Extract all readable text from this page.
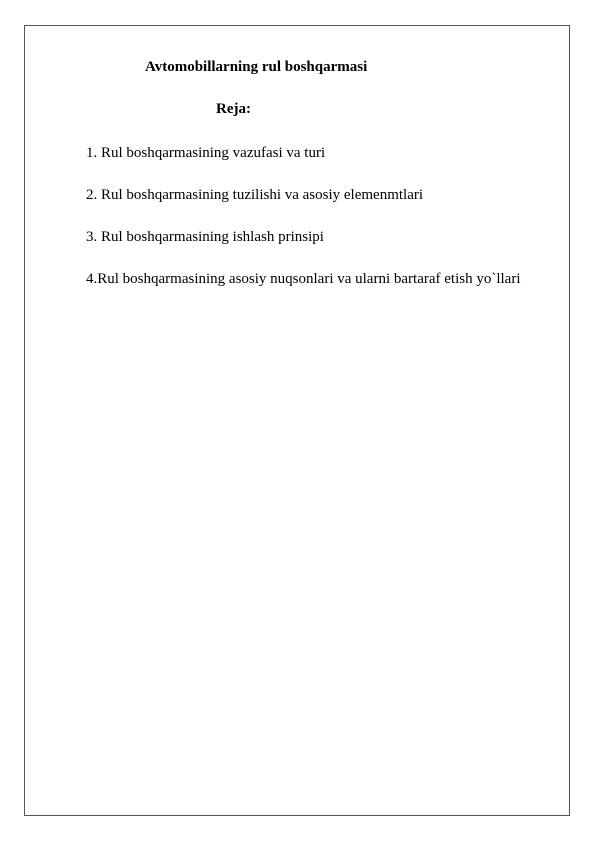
Avtomobillarning rul boshqarmasi
Reja:
1. Rul boshqarmasining vazufasi va turi
2. Rul boshqarmasining tuzilishi va asosiy elemenmtlari
3. Rul boshqarmasining ishlash prinsipi
4.Rul boshqarmasining asosiy nuqsonlari va ularni bartaraf etish yo`llari
